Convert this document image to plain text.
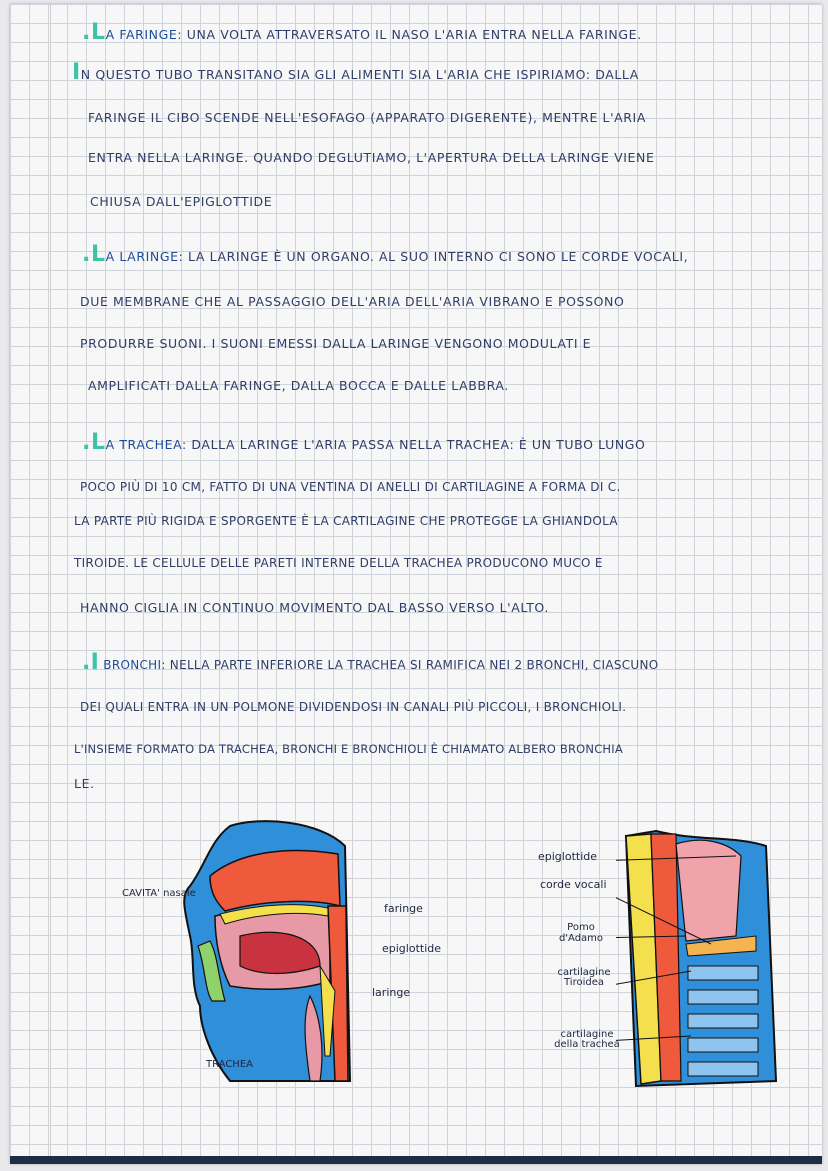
.LA FARINGE: UNA VOLTA ATTRAVERSATO IL NASO L'ARIA ENTRA NELLA FARINGE.
IN QUESTO TUBO TRANSITANO SIA GLI ALIMENTI SIA L'ARIA CHE ISPIRIAMO: DALLA
FARINGE IL CIBO SCENDE NELL'ESOFAGO (APPARATO DIGERENTE), MENTRE L'ARIA
ENTRA NELLA LARINGE. QUANDO DEGLUTIAMO, L'APERTURA DELLA LARINGE VIENE
CHIUSA DALL'EPIGLOTTIDE
.LA LARINGE: LA LARINGE È UN ORGANO. AL SUO INTERNO CI SONO LE CORDE VOCALI,
DUE MEMBRANE CHE AL PASSAGGIO DELL'ARIA DELL'ARIA VIBRANO E POSSONO
PRODURRE SUONI. I SUONI EMESSI DALLA LARINGE VENGONO MODULATI E
AMPLIFICATI DALLA FARINGE, DALLA BOCCA E DALLE LABBRA.
.LA TRACHEA: DALLA LARINGE L'ARIA PASSA NELLA TRACHEA: È UN TUBO LUNGO
POCO PIÙ DI 10 CM, FATTO DI UNA VENTINA DI ANELLI DI CARTILAGINE A FORMA DI C.
LA PARTE PIÙ RIGIDA E SPORGENTE È LA CARTILAGINE CHE PROTEGGE LA GHIANDOLA
TIROIDE. LE CELLULE DELLE PARETI INTERNE DELLA TRACHEA PRODUCONO MUCO E
HANNO CIGLIA IN CONTINUO MOVIMENTO DAL BASSO VERSO L'ALTO.
.I BRONCHI: NELLA PARTE INFERIORE LA TRACHEA SI RAMIFICA NEI 2 BRONCHI, CIASCUNO
DEI QUALI ENTRA IN UN POLMONE DIVIDENDOSI IN CANALI PIÙ PICCOLI, I BRONCHIOLI.
L'INSIEME FORMATO DA TRACHEA, BRONCHI E BRONCHIOLI È CHIAMATO ALBERO BRONCHIA
LE.
CAVITA' nasale
faringe
epiglottide
laringe
TRACHEA
epiglottide
corde vocali
Pomo d'Adamo
cartilagine Tiroidea
cartilagine della trachea
